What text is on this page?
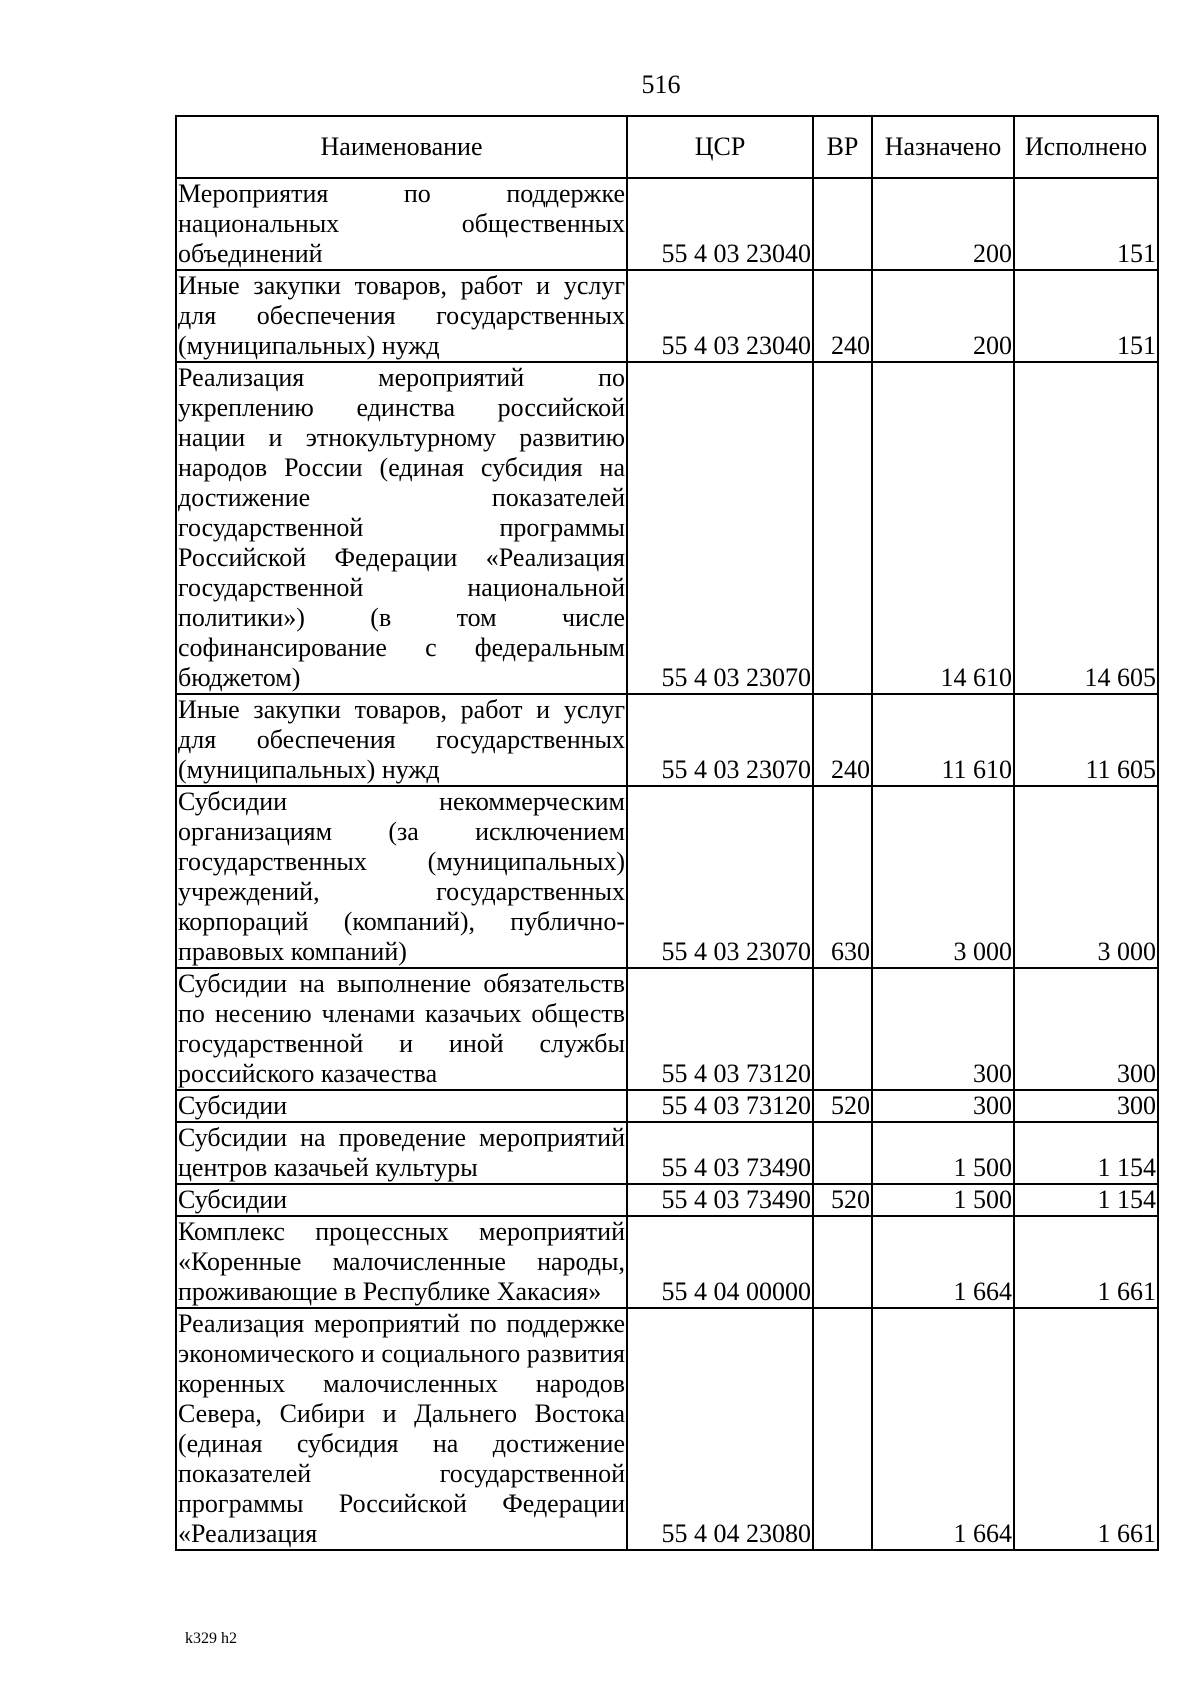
516
Наименование	ЦСР	ВР	Назначено	Исполнено
Мероприятия по поддержке национальных общественных объединений	55 4 03 23040		200	151
Иные закупки товаров, работ и услуг для обеспечения государственных (муниципальных) нужд	55 4 03 23040	240	200	151
Реализация мероприятий по укреплению единства российской нации и этнокультурному развитию народов России (единая субсидия на достижение показателей государственной программы Российской Федерации «Реализация государственной национальной политики») (в том числе софинансирование с федеральным бюджетом)	55 4 03 23070		14 610	14 605
Иные закупки товаров, работ и услуг для обеспечения государственных (муниципальных) нужд	55 4 03 23070	240	11 610	11 605
Субсидии некоммерческим организациям (за исключением государственных (муниципальных) учреждений, государственных корпораций (компаний), публично-правовых компаний)	55 4 03 23070	630	3 000	3 000
Субсидии на выполнение обязательств по несению членами казачьих обществ государственной и иной службы российского казачества	55 4 03 73120		300	300
Субсидии	55 4 03 73120	520	300	300
Субсидии на проведение мероприятий центров казачьей культуры	55 4 03 73490		1 500	1 154
Субсидии	55 4 03 73490	520	1 500	1 154
Комплекс процессных мероприятий «Коренные малочисленные народы, проживающие в Республике Хакасия»	55 4 04 00000		1 664	1 661
Реализация мероприятий по поддержке экономического и социального развития коренных малочисленных народов Севера, Сибири и Дальнего Востока (единая субсидия на достижение показателей государственной программы Российской Федерации «Реализация	55 4 04 23080		1 664	1 661
k329 h2
